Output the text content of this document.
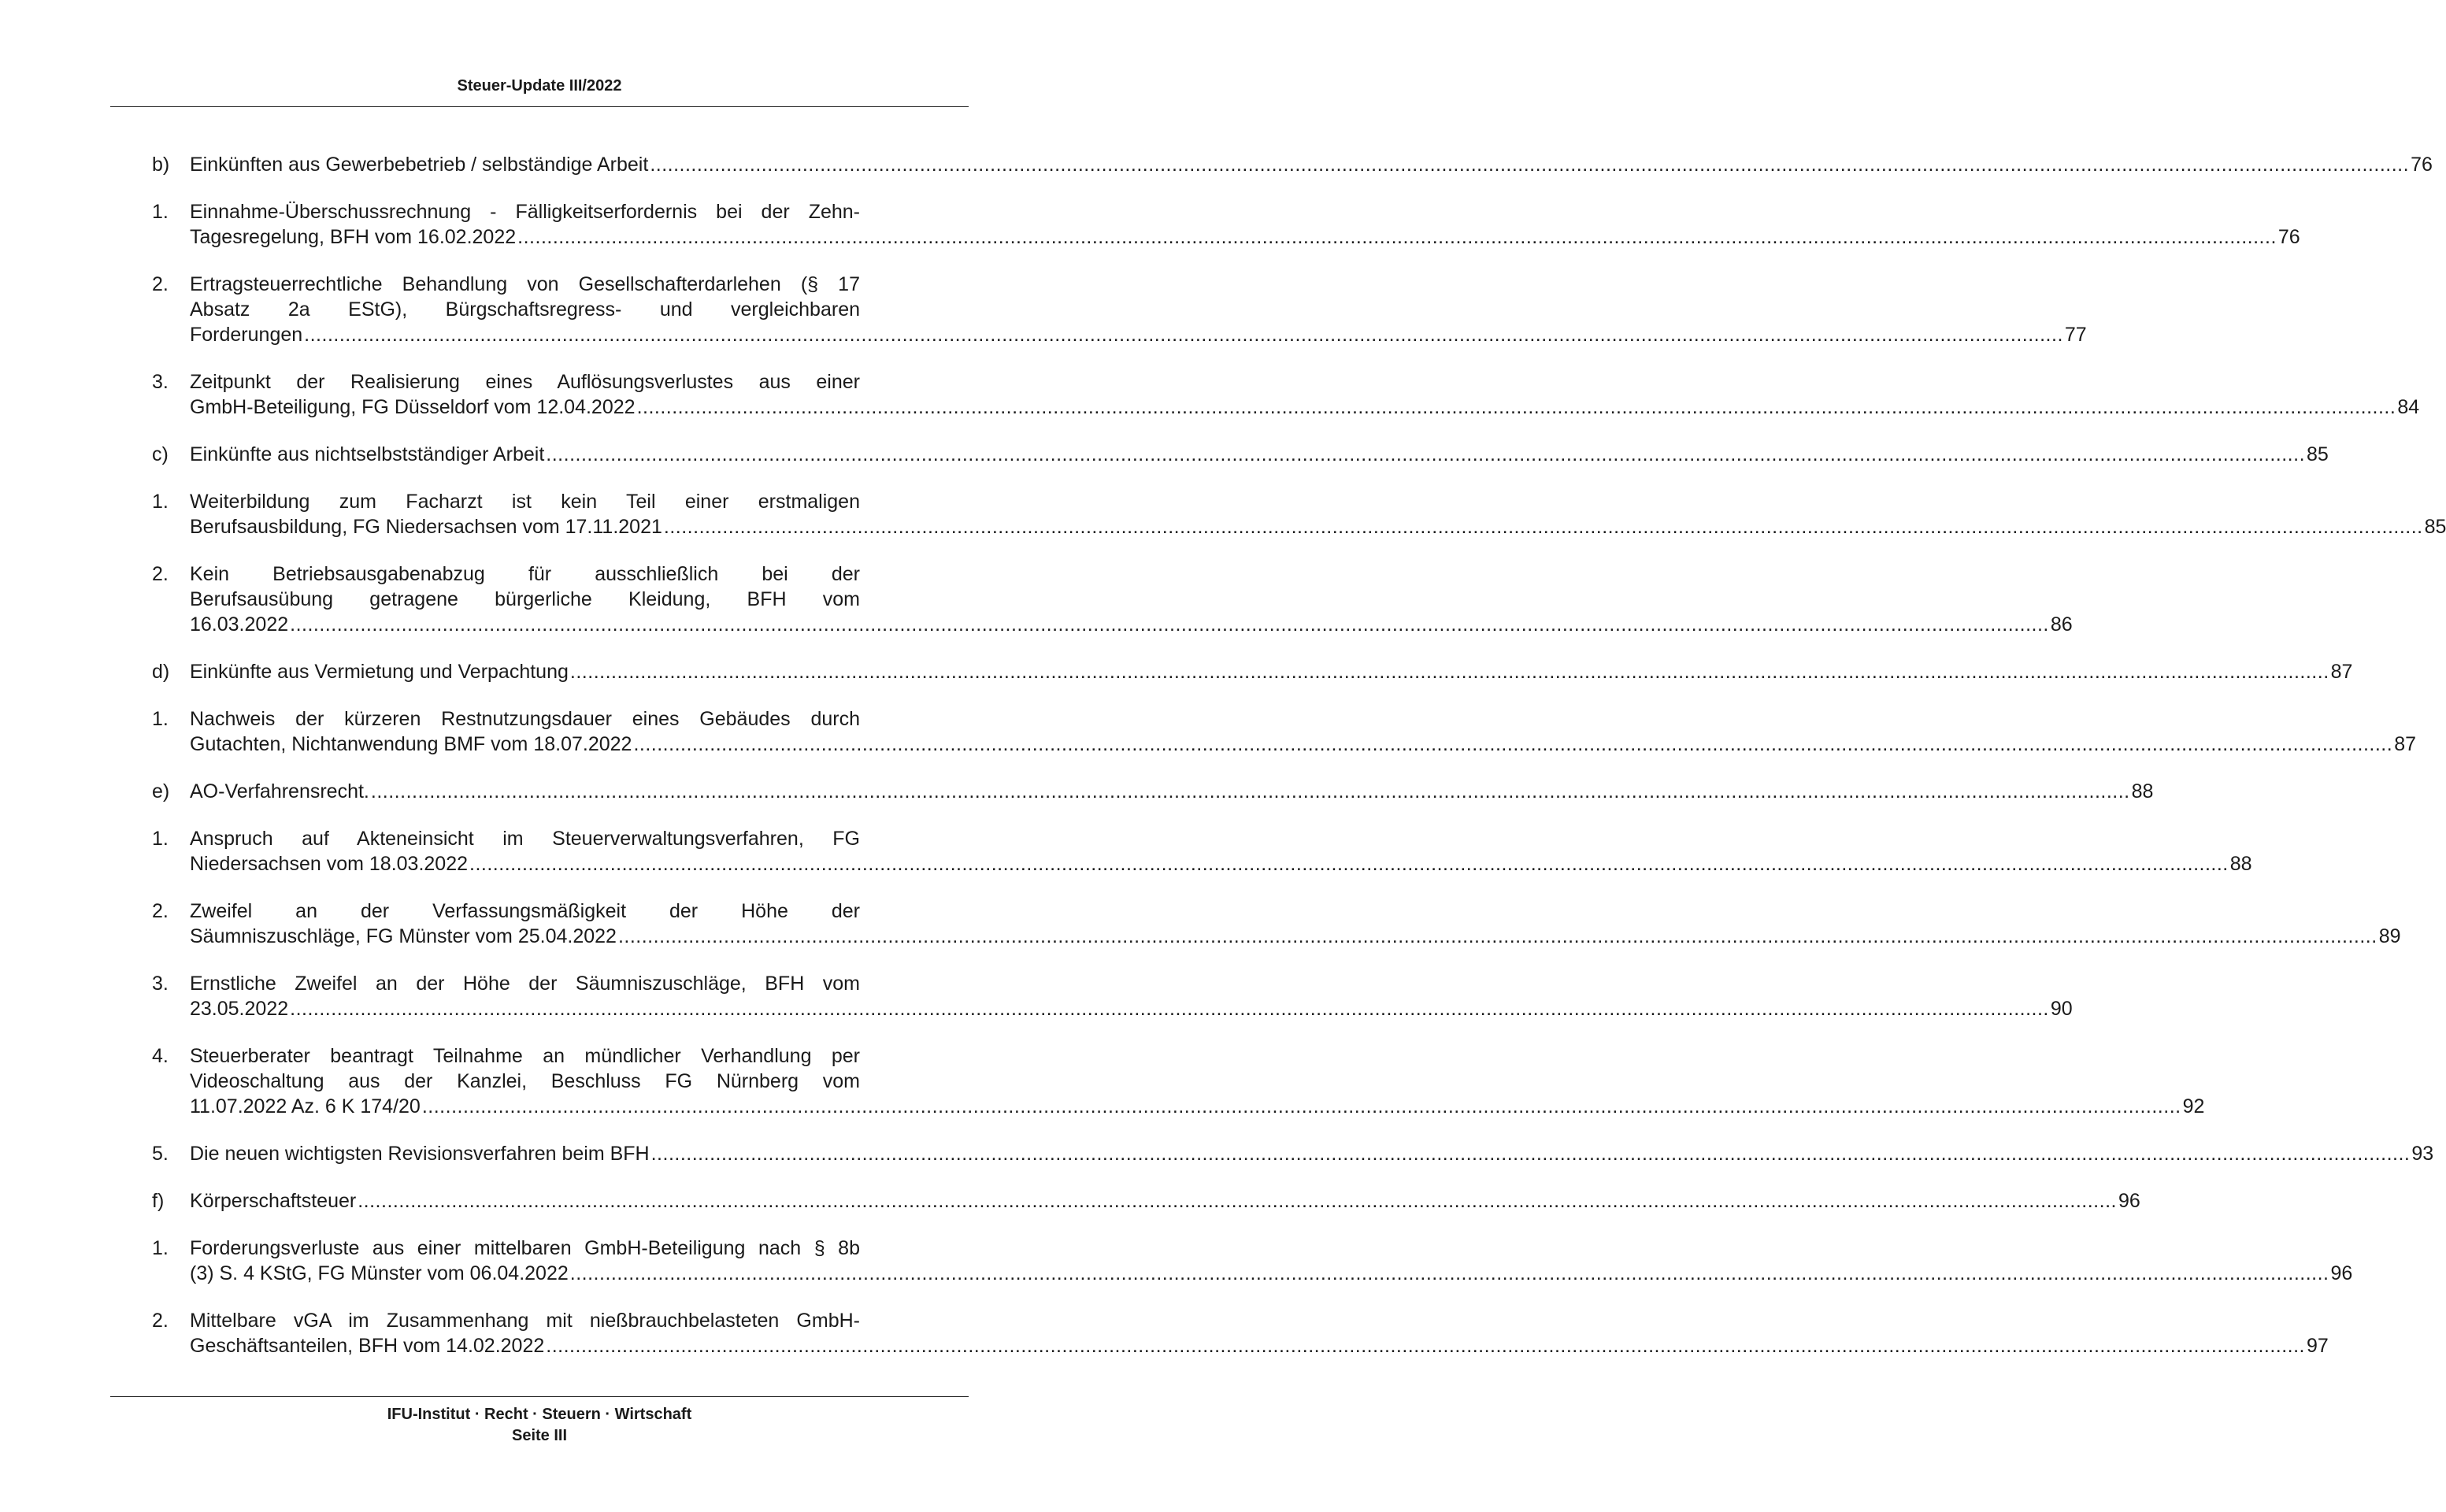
Steuer-Update III/2022
b) Einkünften aus Gewerbebetrieb / selbständige Arbeit ............................................................................................................................................................................................................................................................................................................ 76
1. Einnahme-Überschussrechnung - Fälligkeitserfordernis bei der Zehn-
Tagesregelung, BFH vom 16.02.2022 ............................................................................................................................................................................................................................................................................................................ 76
2. Ertragsteuerrechtliche Behandlung von Gesellschafterdarlehen (§ 17
Absatz 2a EStG), Bürgschaftsregress- und vergleichbaren
Forderungen ............................................................................................................................................................................................................................................................................................................ 77
3. Zeitpunkt der Realisierung eines Auflösungsverlustes aus einer
GmbH-Beteiligung, FG Düsseldorf vom 12.04.2022 ............................................................................................................................................................................................................................................................................................................ 84
c) Einkünfte aus nichtselbstständiger Arbeit ............................................................................................................................................................................................................................................................................................................ 85
1. Weiterbildung zum Facharzt ist kein Teil einer erstmaligen
Berufsausbildung, FG Niedersachsen vom 17.11.2021 ............................................................................................................................................................................................................................................................................................................ 85
2. Kein Betriebsausgabenabzug für ausschließlich bei der
Berufsausübung getragene bürgerliche Kleidung, BFH vom
16.03.2022 ............................................................................................................................................................................................................................................................................................................ 86
d) Einkünfte aus Vermietung und Verpachtung ............................................................................................................................................................................................................................................................................................................ 87
1. Nachweis der kürzeren Restnutzungsdauer eines Gebäudes durch
Gutachten, Nichtanwendung BMF vom 18.07.2022 ............................................................................................................................................................................................................................................................................................................ 87
e) AO-Verfahrensrecht. ............................................................................................................................................................................................................................................................................................................ 88
1. Anspruch auf Akteneinsicht im Steuerverwaltungsverfahren, FG
Niedersachsen vom 18.03.2022 ............................................................................................................................................................................................................................................................................................................ 88
2. Zweifel an der Verfassungsmäßigkeit der Höhe der
Säumniszuschläge, FG Münster vom 25.04.2022 ............................................................................................................................................................................................................................................................................................................ 89
3. Ernstliche Zweifel an der Höhe der Säumniszuschläge, BFH vom
23.05.2022 ............................................................................................................................................................................................................................................................................................................ 90
4. Steuerberater beantragt Teilnahme an mündlicher Verhandlung per
Videoschaltung aus der Kanzlei, Beschluss FG Nürnberg vom
11.07.2022 Az. 6 K 174/20 ............................................................................................................................................................................................................................................................................................................ 92
5. Die neuen wichtigsten Revisionsverfahren beim BFH ............................................................................................................................................................................................................................................................................................................ 93
f) Körperschaftsteuer ............................................................................................................................................................................................................................................................................................................ 96
1. Forderungsverluste aus einer mittelbaren GmbH-Beteiligung nach § 8b
(3) S. 4 KStG, FG Münster vom 06.04.2022 ............................................................................................................................................................................................................................................................................................................ 96
2. Mittelbare vGA im Zusammenhang mit nießbrauchbelasteten GmbH-
Geschäftsanteilen, BFH vom 14.02.2022 ............................................................................................................................................................................................................................................................................................................ 97
IFU-Institut · Recht · Steuern · Wirtschaft
Seite III
